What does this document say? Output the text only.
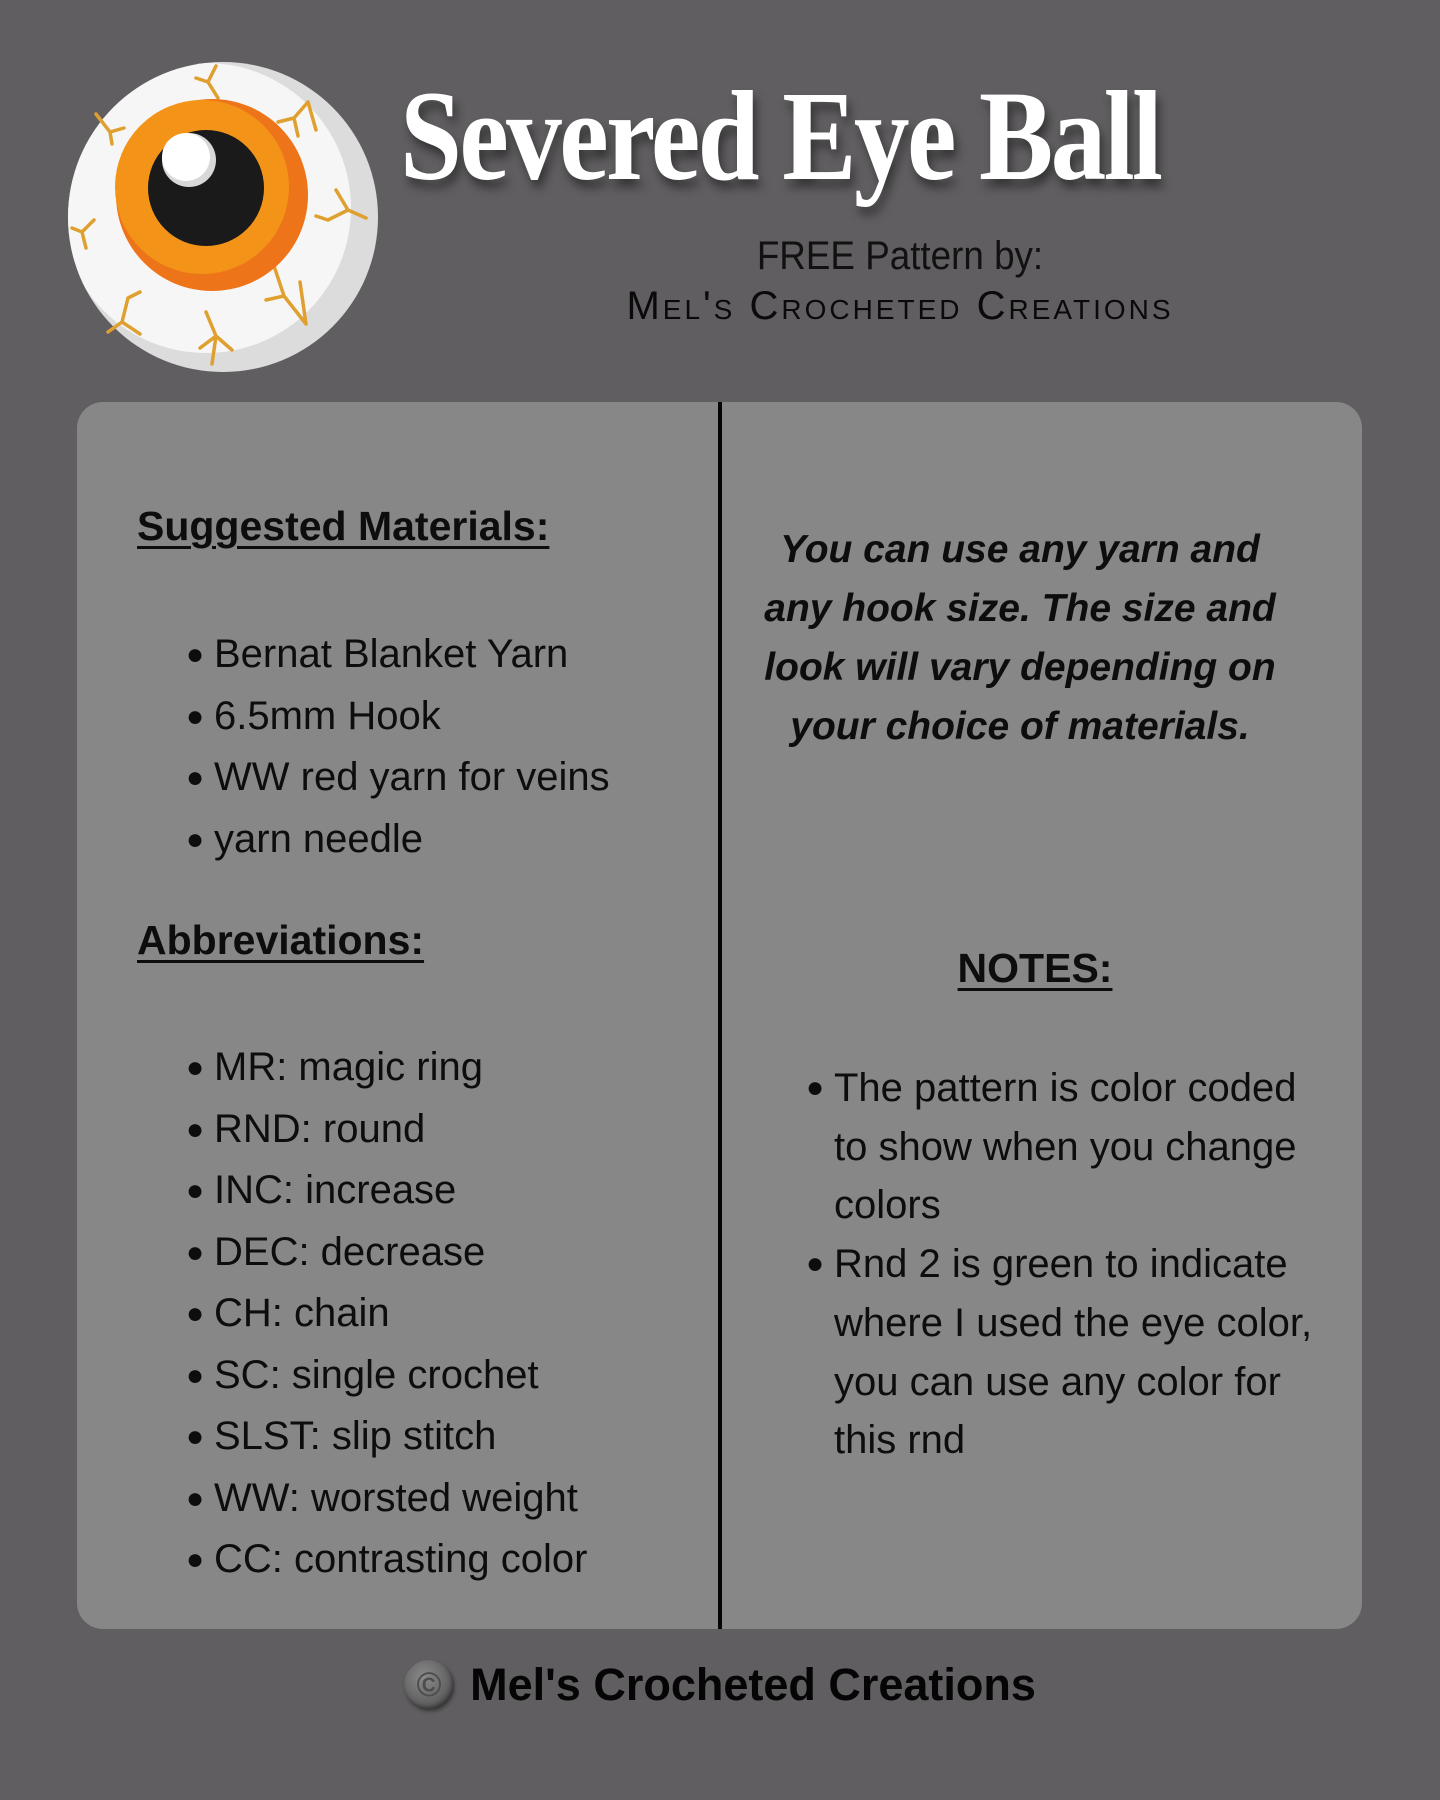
Severed Eye Ball
FREE Pattern by:
Mel's Crocheted Creations
Suggested Materials:
● Bernat Blanket Yarn
● 6.5mm Hook
● WW red yarn for veins
● yarn needle
Abbreviations:
● MR: magic ring
● RND: round
● INC: increase
● DEC: decrease
● CH: chain
● SC: single crochet
● SLST: slip stitch
● WW: worsted weight
● CC: contrasting color
You can use any yarn and any hook size. The size and look will vary depending on your choice of materials.
NOTES:
● The pattern is color coded to show when you change colors
● Rnd 2 is green to indicate where I used the eye color, you can use any color for this rnd
© Mel's Crocheted Creations
